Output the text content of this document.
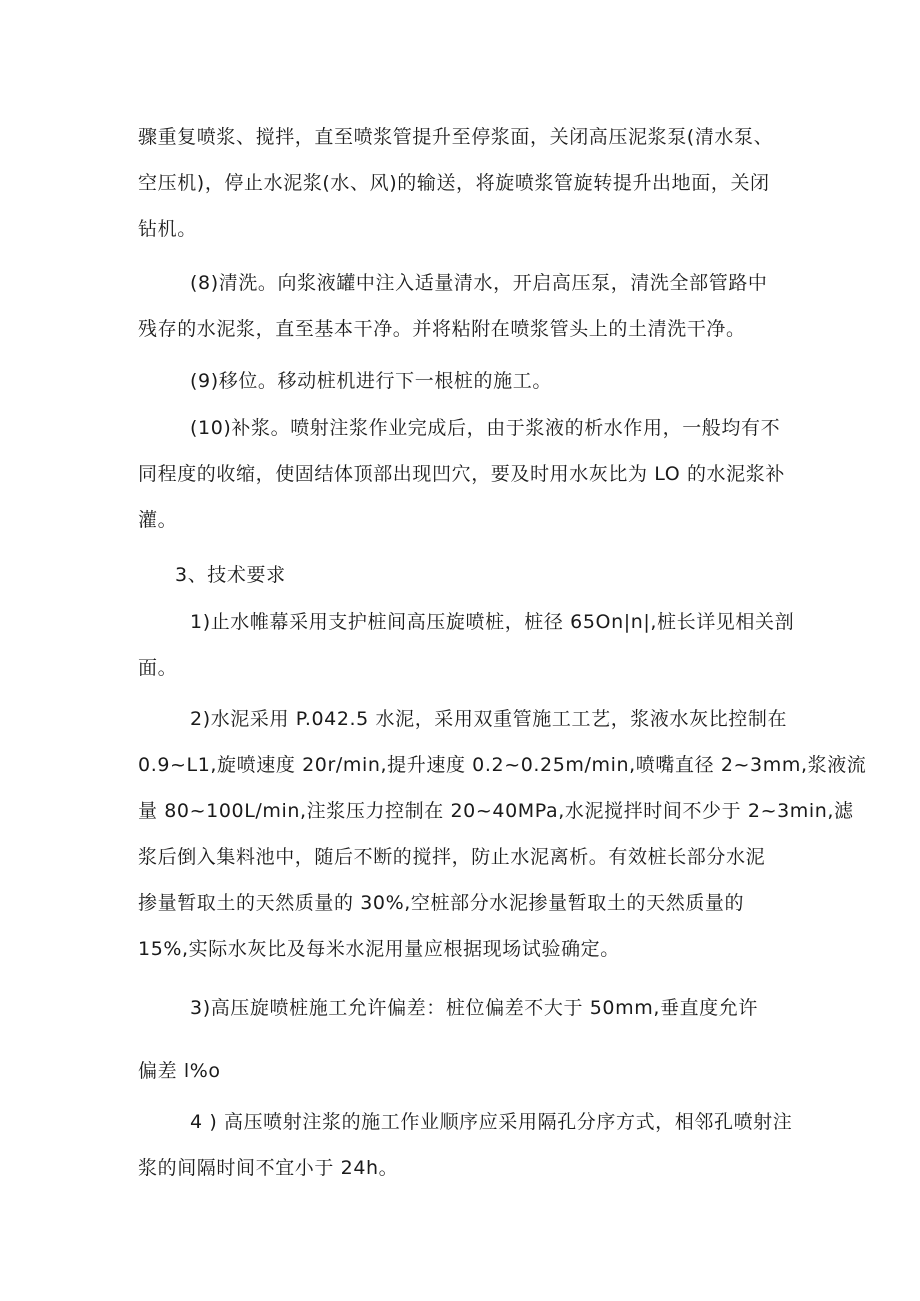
骤重复喷浆、搅拌，直至喷浆管提升至停浆面，关闭高压泥浆泵(清水泵、
空压机)，停止水泥浆(水、风)的输送，将旋喷浆管旋转提升出地面，关闭
钻机。

(8)清洗。向浆液罐中注入适量清水，开启高压泵，清洗全部管路中
残存的水泥浆，直至基本干净。并将粘附在喷浆管头上的土清洗干净。

(9)移位。移动桩机进行下一根桩的施工。

(10)补浆。喷射注浆作业完成后，由于浆液的析水作用，一般均有不
同程度的收缩，使固结体顶部出现凹穴，要及时用水灰比为 LO 的水泥浆补
灌。

3、技术要求

1)止水帷幕采用支护桩间高压旋喷桩，桩径 65On|n|,桩长详见相关剖
面。

2)水泥采用 P.042.5 水泥，采用双重管施工工艺，浆液水灰比控制在
0.9~L1,旋喷速度 20r∕min,提升速度 0.2~0.25m∕min,喷嘴直径 2~3mm,浆液流
量 80~100L∕min,注浆压力控制在 20~40MPa,水泥搅拌时间不少于 2~3min,滤
浆后倒入集料池中，随后不断的搅拌，防止水泥离析。有效桩长部分水泥
掺量暂取土的天然质量的 30%,空桩部分水泥掺量暂取土的天然质量的
15%,实际水灰比及每米水泥用量应根据现场试验确定。

3)高压旋喷桩施工允许偏差：桩位偏差不大于 50mm,垂直度允许

偏差 l%o

4 ) 高压喷射注浆的施工作业顺序应采用隔孔分序方式，相邻孔喷射注
浆的间隔时间不宜小于 24h。
